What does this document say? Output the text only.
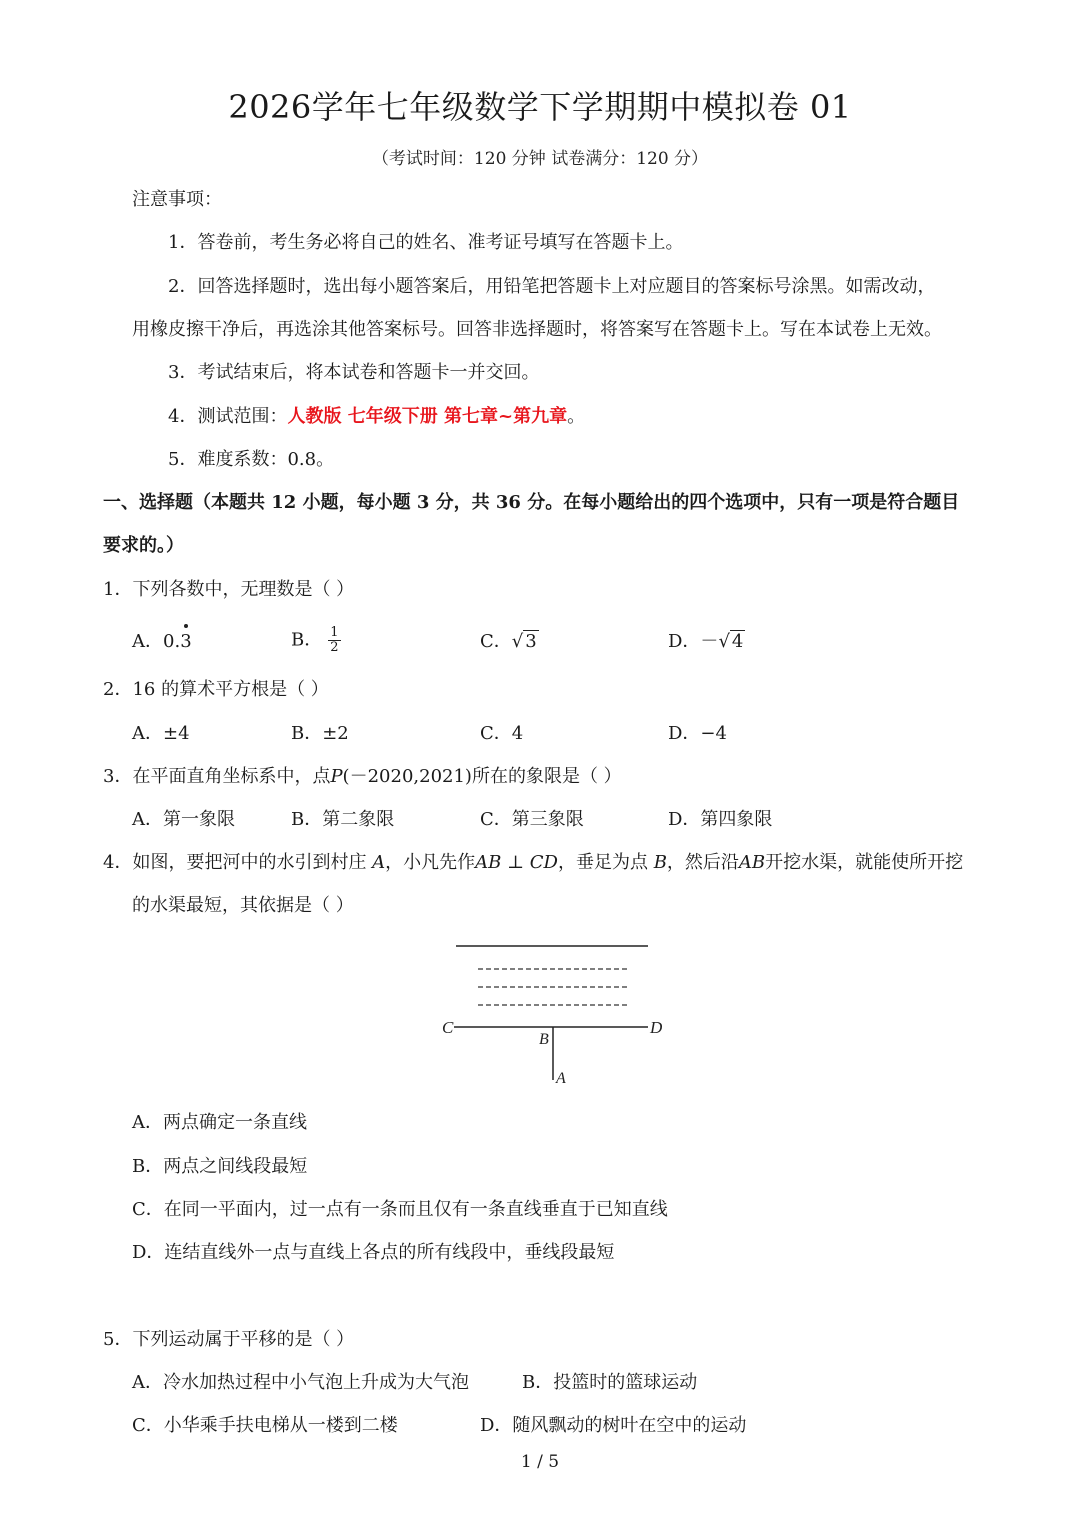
2026学年七年级数学下学期期中模拟卷 01
（考试时间：120 分钟 试卷满分：120 分）
注意事项：
1．答卷前，考生务必将自己的姓名、准考证号填写在答题卡上。
2．回答选择题时，选出每小题答案后，用铅笔把答题卡上对应题目的答案标号涂黑。如需改动，
用橡皮擦干净后，再选涂其他答案标号。回答非选择题时，将答案写在答题卡上。写在本试卷上无效。
3．考试结束后，将本试卷和答题卡一并交回。
4．测试范围：人教版 七年级下册 第七章~第九章。
5．难度系数：0.8。
一、选择题（本题共 12 小题，每小题 3 分，共 36 分。在每小题给出的四个选项中，只有一项是符合题目
要求的。）
1．下列各数中，无理数是（ ）
A．0.3	B． $\frac{1}{2}$	C．√ 3	D．－√ 4
2．16 的算术平方根是（ ）
A．±4	B．±2	C．4	D．−4
3．在平面直角坐标系中，点𝑃(－2020,2021)所在的象限是（ ）
A．第一象限	B．第二象限	C．第三象限	D．第四象限
4．如图，要把河中的水引到村庄 𝐴，小凡先作𝐴𝐵 ⊥ 𝐶𝐷，垂足为点 𝐵，然后沿𝐴𝐵开挖水渠，就能使所开挖
的水渠最短，其依据是（ ）
C	D
B
A
A．两点确定一条直线
B．两点之间线段最短
C．在同一平面内，过一点有一条而且仅有一条直线垂直于已知直线
D．连结直线外一点与直线上各点的所有线段中，垂线段最短
5．下列运动属于平移的是（ ）
A．冷水加热过程中小气泡上升成为大气泡	B．投篮时的篮球运动
C．小华乘手扶电梯从一楼到二楼	D．随风飘动的树叶在空中的运动
1 / 5
